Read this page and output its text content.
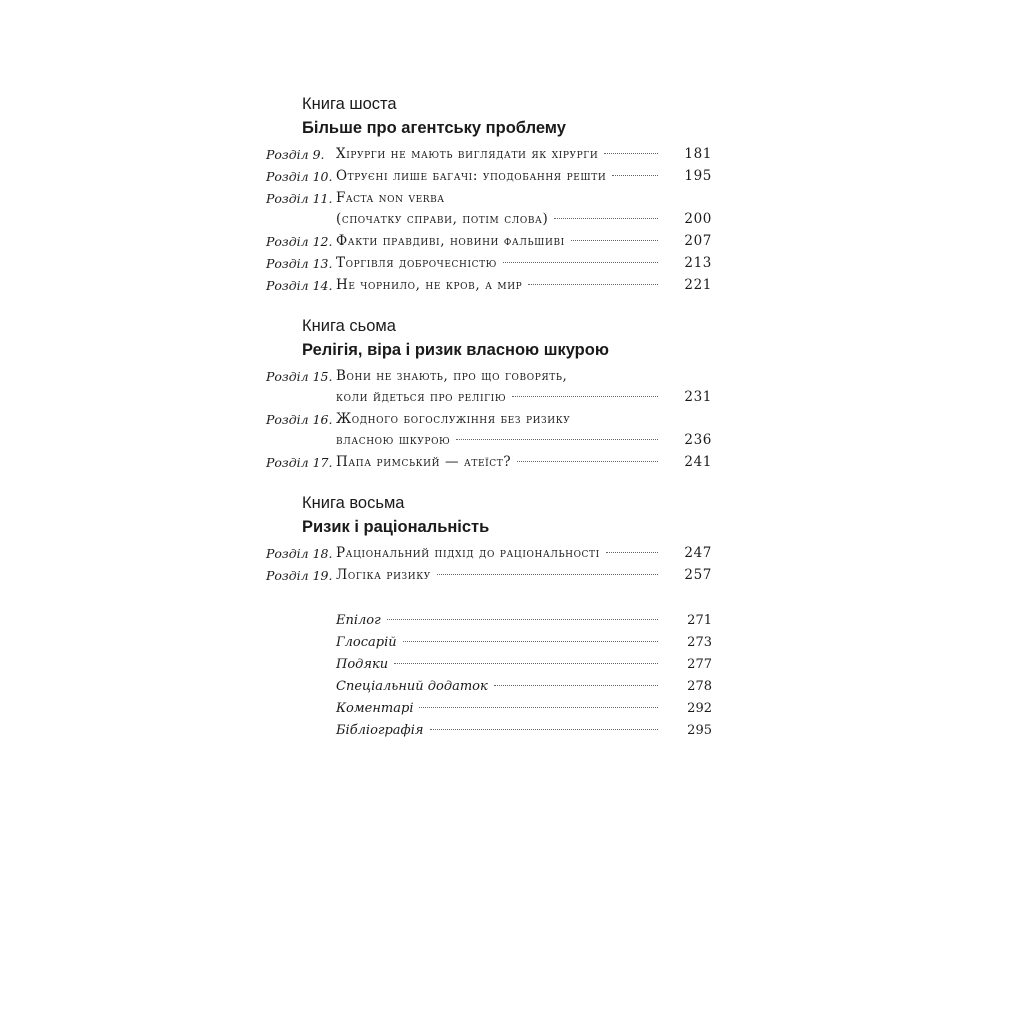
Книга шоста
Більше про агентську проблему
Розділ 9. Хірурги не мають виглядати як хірурги	181
Розділ 10. Отруєні лише багачі: уподобання решти	195
Розділ 11. Facta non verba
(спочатку справи, потім слова)	200
Розділ 12. Факти правдиві, новини фальшиві	207
Розділ 13. Торгівля доброчесністю	213
Розділ 14. Не чорнило, не кров, а мир	221
Книга сьома
Релігія, віра і ризик власною шкурою
Розділ 15. Вони не знають, про що говорять,
коли йдеться про релігію	231
Розділ 16. Жодного богослужіння без ризику
власною шкурою	236
Розділ 17. Папа римський — атеїст?	241
Книга восьма
Ризик і раціональність
Розділ 18. Раціональний підхід до раціональності	247
Розділ 19. Логіка ризику	257
Епілог	271
Глосарій	273
Подяки	277
Спеціальний додаток	278
Коментарі	292
Бібліографія	295
